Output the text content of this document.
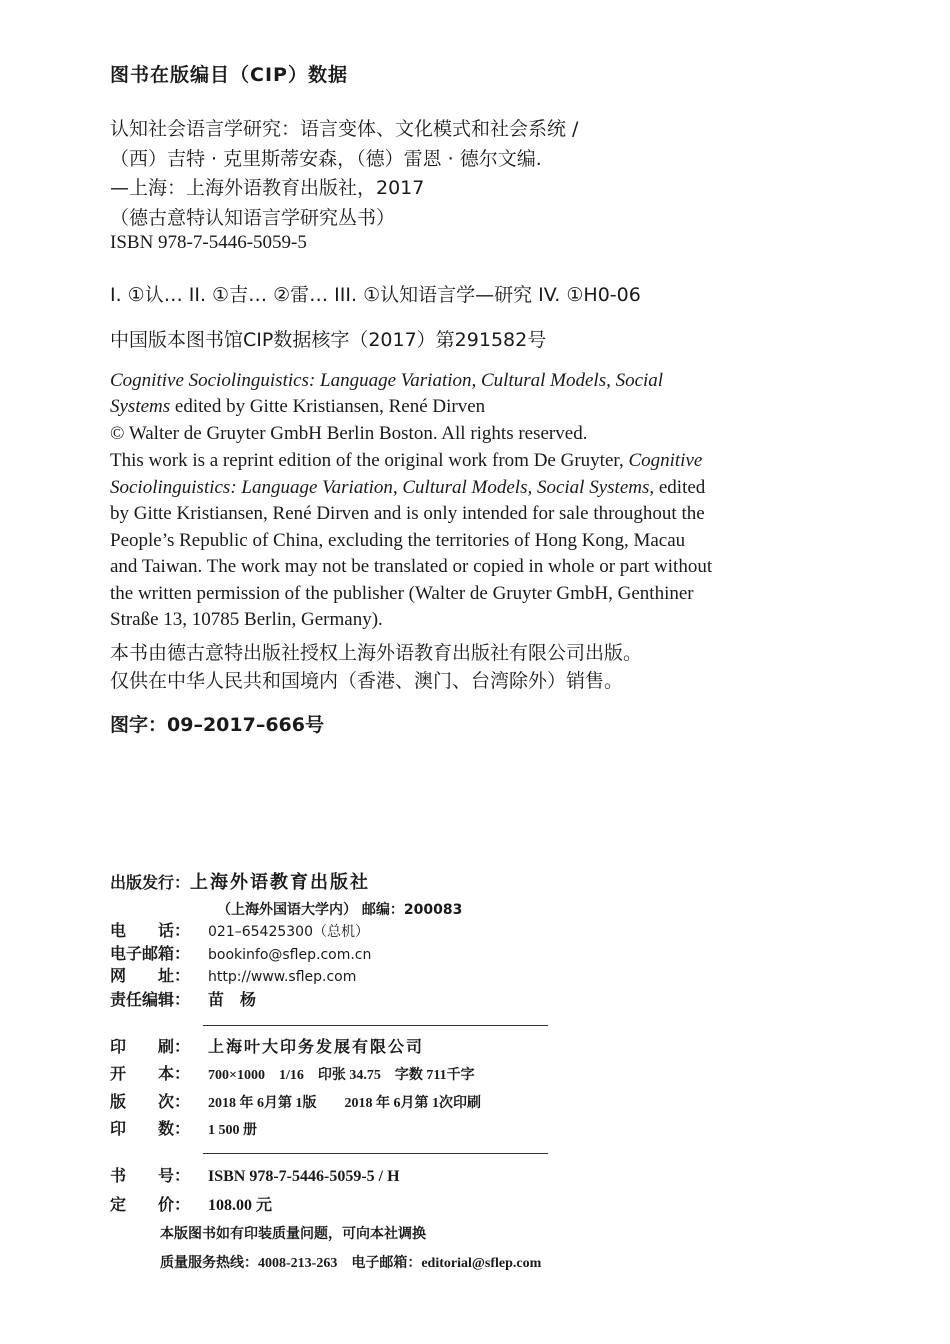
图书在版编目（CIP）数据
认知社会语言学研究：语言变体、文化模式和社会系统 /
（西）吉特 · 克里斯蒂安森，（德）雷恩 · 德尔文编.
—上海：上海外语教育出版社，2017
（德古意特认知语言学研究丛书）
ISBN 978-7-5446-5059-5
I. ①认… II. ①吉… ②雷… III. ①认知语言学—研究 IV. ①H0-06
中国版本图书馆CIP数据核字（2017）第291582号
Cognitive Sociolinguistics: Language Variation, Cultural Models, Social
Systems edited by Gitte Kristiansen, René Dirven
© Walter de Gruyter GmbH Berlin Boston. All rights reserved.
This work is a reprint edition of the original work from De Gruyter, Cognitive
Sociolinguistics: Language Variation, Cultural Models, Social Systems, edited
by Gitte Kristiansen, René Dirven and is only intended for sale throughout the
People’s Republic of China, excluding the territories of Hong Kong, Macau
and Taiwan. The work may not be translated or copied in whole or part without
the written permission of the publisher (Walter de Gruyter GmbH, Genthiner
Straße 13, 10785 Berlin, Germany).
本书由德古意特出版社授权上海外语教育出版社有限公司出版。
仅供在中华人民共和国境内（香港、澳门、台湾除外）销售。
图字：09–2017–666号
出版发行：上海外语教育出版社
（上海外国语大学内） 邮编：200083
电　　话： 021–65425300（总机）
电子邮箱： bookinfo@sflep.com.cn
网　　址： http://www.sflep.com
责任编辑： 苗　杨
印　　刷： 上海叶大印务发展有限公司
开　　本： 700×1000　1/16　印张 34.75　字数 711千字
版　　次： 2018 年 6月第 1版　　2018 年 6月第 1次印刷
印　　数： 1 500 册
书　　号： ISBN 978-7-5446-5059-5 / H
定　　价： 108.00 元
本版图书如有印装质量问题，可向本社调换
质量服务热线：4008-213-263　电子邮箱：editorial@sflep.com
